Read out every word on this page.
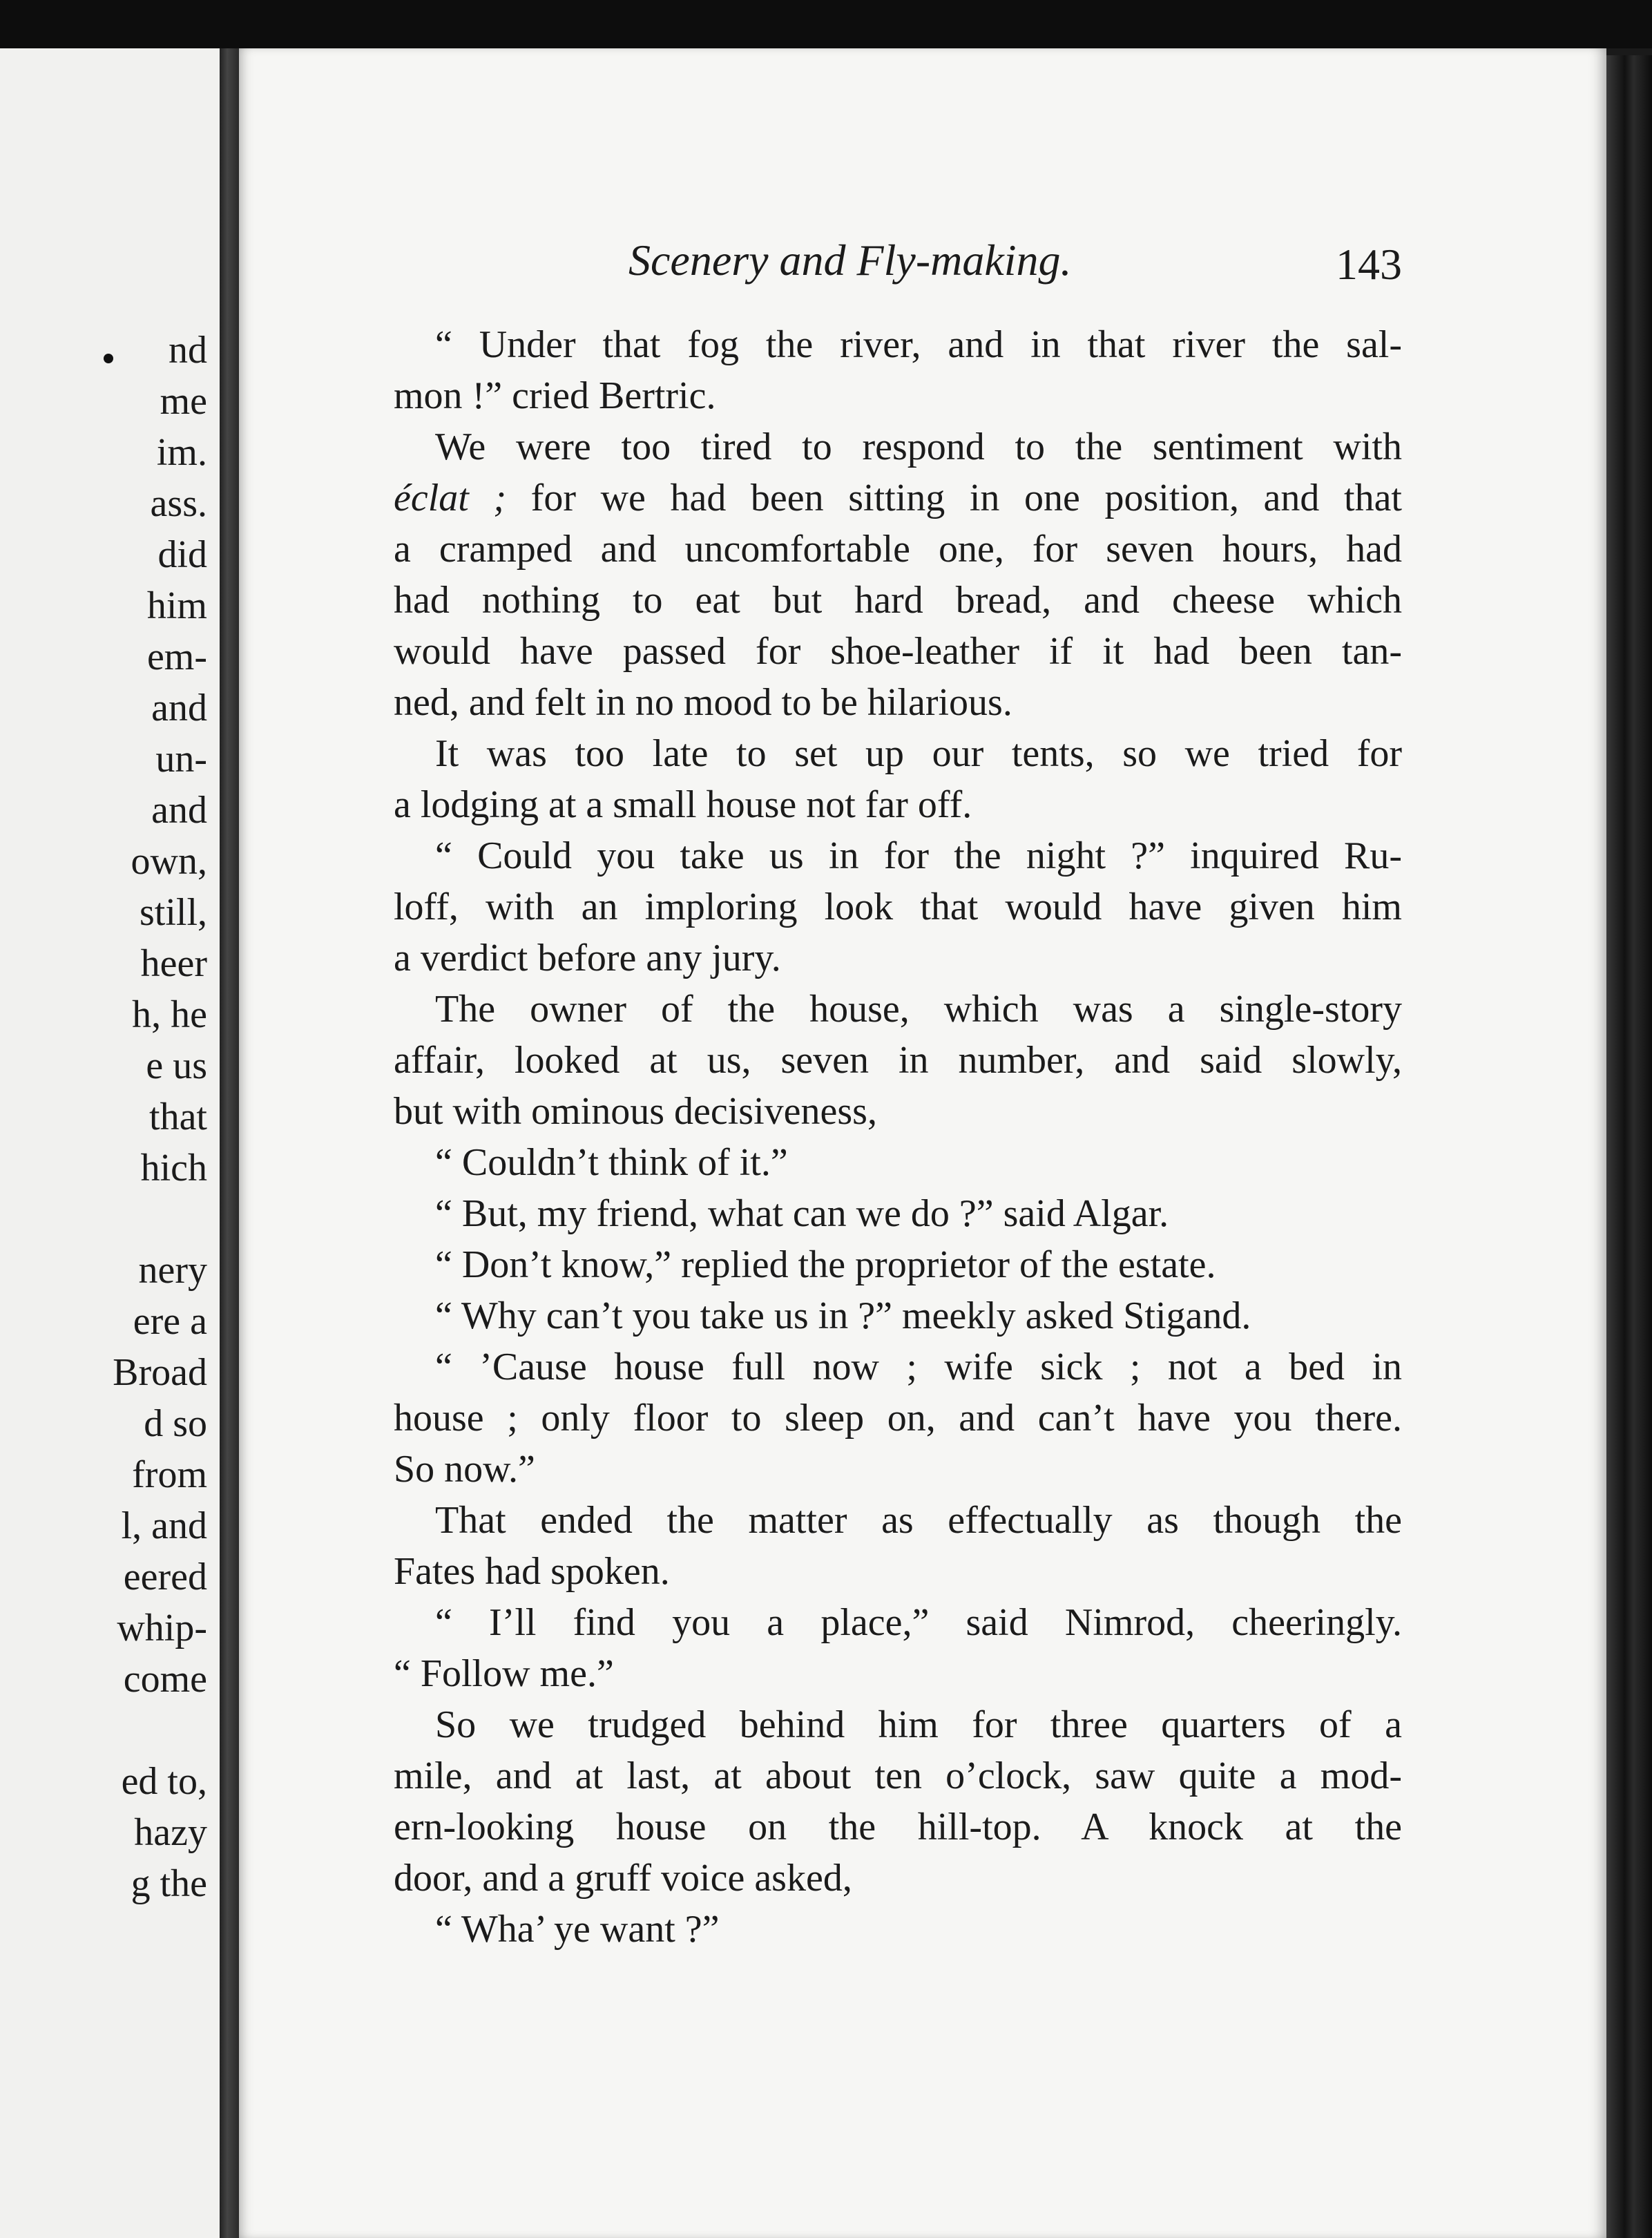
nd
me
im.
ass.
did
him
em-
and
un-
and
own,
still,
heer
h, he
e us
that
hich
nery
ere a
Broad
d so
from
l, and
eered
whip-
come
ed to,
hazy
g the
Scenery and Fly-making.	143
“ Under that fog the river, and in that river the sal-
mon !” cried Bertric.
We were too tired to respond to the sentiment with
éclat ; for we had been sitting in one position, and that
a cramped and uncomfortable one, for seven hours, had
had nothing to eat but hard bread, and cheese which
would have passed for shoe-leather if it had been tan-
ned, and felt in no mood to be hilarious.
It was too late to set up our tents, so we tried for
a lodging at a small house not far off.
“ Could you take us in for the night ?” inquired Ru-
loff, with an imploring look that would have given him
a verdict before any jury.
The owner of the house, which was a single-story
affair, looked at us, seven in number, and said slowly,
but with ominous decisiveness,
“ Couldn’t think of it.”
“ But, my friend, what can we do ?” said Algar.
“ Don’t know,” replied the proprietor of the estate.
“ Why can’t you take us in ?” meekly asked Stigand.
“ ’Cause house full now ; wife sick ; not a bed in
house ; only floor to sleep on, and can’t have you there.
So now.”
That ended the matter as effectually as though the
Fates had spoken.
“ I’ll find you a place,” said Nimrod, cheeringly.
“ Follow me.”
So we trudged behind him for three quarters of a
mile, and at last, at about ten o’clock, saw quite a mod-
ern-looking house on the hill-top. A knock at the
door, and a gruff voice asked,
“ Wha’ ye want ?”
